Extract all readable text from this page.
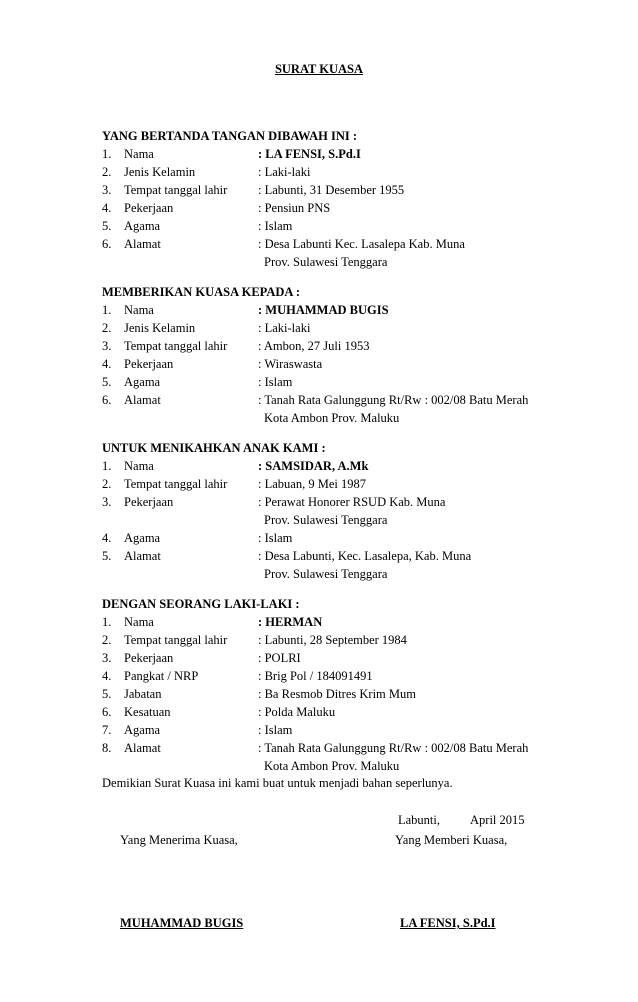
SURAT KUASA
YANG BERTANDA TANGAN DIBAWAH INI :
1. Nama	: LA FENSI, S.Pd.I
2. Jenis Kelamin	: Laki-laki
3. Tempat tanggal lahir : Labunti, 31 Desember 1955
4. Pekerjaan	: Pensiun PNS
5. Agama	: Islam
6. Alamat	: Desa Labunti Kec. Lasalepa Kab. Muna
Prov. Sulawesi Tenggara
MEMBERIKAN KUASA KEPADA :
1. Nama	: MUHAMMAD BUGIS
2. Jenis Kelamin	: Laki-laki
3. Tempat tanggal lahir : Ambon, 27 Juli 1953
4. Pekerjaan	: Wiraswasta
5. Agama	: Islam
6. Alamat	: Tanah Rata Galunggung Rt/Rw : 002/08 Batu Merah
Kota Ambon Prov. Maluku
UNTUK MENIKAHKAN ANAK KAMI :
1. Nama	: SAMSIDAR, A.Mk
2. Tempat tanggal lahir : Labuan, 9 Mei 1987
3. Pekerjaan	: Perawat Honorer RSUD Kab. Muna
Prov. Sulawesi Tenggara
4. Agama	: Islam
5. Alamat	: Desa Labunti, Kec. Lasalepa, Kab. Muna
Prov. Sulawesi Tenggara
DENGAN SEORANG LAKI-LAKI :
1. Nama	: HERMAN
2. Tempat tanggal lahir : Labunti, 28 September 1984
3. Pekerjaan	: POLRI
4. Pangkat / NRP	: Brig Pol / 184091491
5. Jabatan	: Ba Resmob Ditres Krim Mum
6. Kesatuan	: Polda Maluku
7. Agama	: Islam
8. Alamat	: Tanah Rata Galunggung Rt/Rw : 002/08 Batu Merah
Kota Ambon Prov. Maluku
Demikian Surat Kuasa ini kami buat untuk menjadi bahan seperlunya.
Labunti, April 2015
Yang Menerima Kuasa,	Yang Memberi Kuasa,
MUHAMMAD BUGIS	LA FENSI, S.Pd.I
